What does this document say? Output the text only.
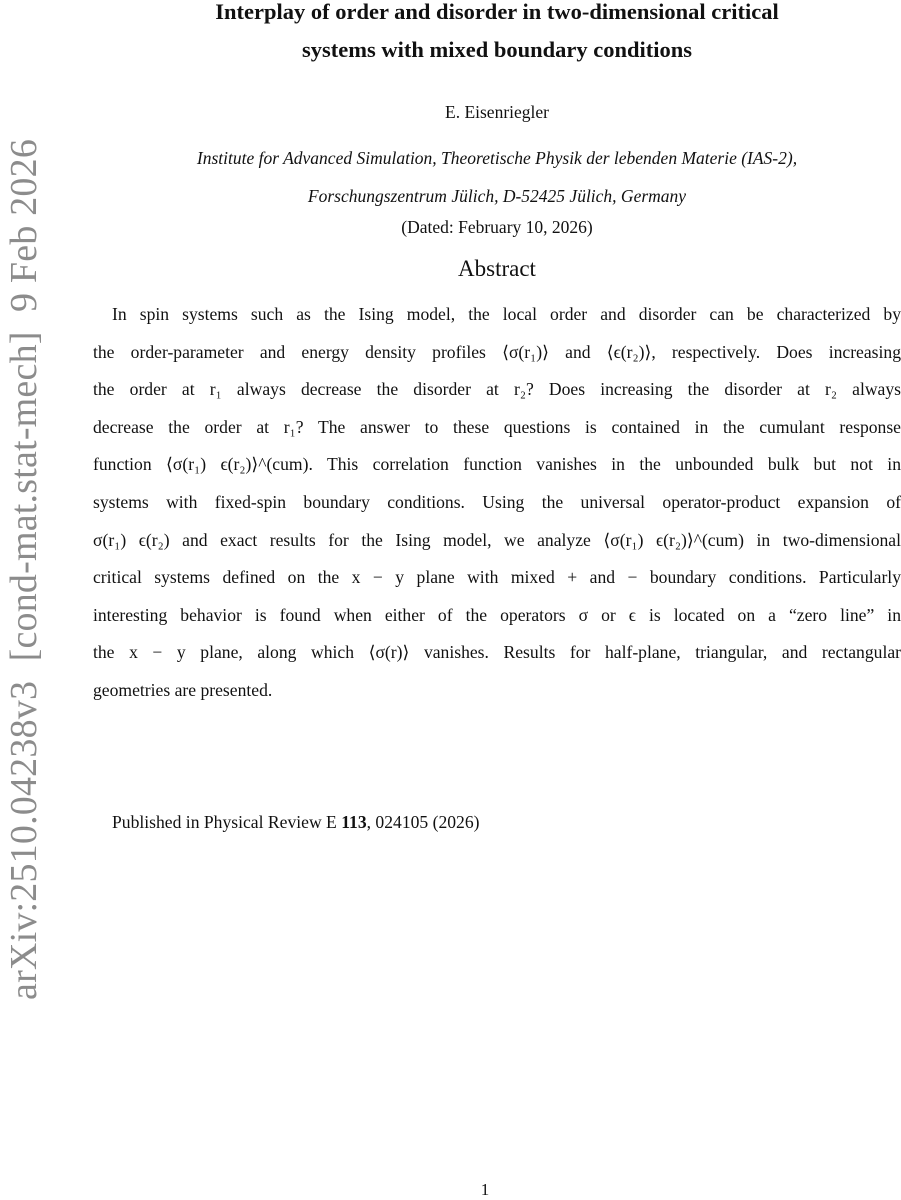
arXiv:2510.04238v3  [cond-mat.stat-mech]  9 Feb 2026
Interplay of order and disorder in two-dimensional critical
systems with mixed boundary conditions
E. Eisenriegler
Institute for Advanced Simulation, Theoretische Physik der lebenden Materie (IAS-2),
Forschungszentrum Jülich, D-52425 Jülich, Germany
(Dated: February 10, 2026)
Abstract
In spin systems such as the Ising model, the local order and disorder can be characterized by
the order-parameter and energy density profiles ⟨σ(r₁)⟩ and ⟨ϵ(r₂)⟩, respectively. Does increasing
the order at r₁ always decrease the disorder at r₂? Does increasing the disorder at r₂ always
decrease the order at r₁? The answer to these questions is contained in the cumulant response
function ⟨σ(r₁) ϵ(r₂)⟩^(cum). This correlation function vanishes in the unbounded bulk but not in
systems with fixed-spin boundary conditions. Using the universal operator-product expansion of
σ(r₁) ϵ(r₂) and exact results for the Ising model, we analyze ⟨σ(r₁) ϵ(r₂)⟩^(cum) in two-dimensional
critical systems defined on the x − y plane with mixed + and − boundary conditions. Particularly
interesting behavior is found when either of the operators σ or ϵ is located on a “zero line” in
the x − y plane, along which ⟨σ(r)⟩ vanishes. Results for half-plane, triangular, and rectangular
geometries are presented.
Published in Physical Review E 113, 024105 (2026)
1
